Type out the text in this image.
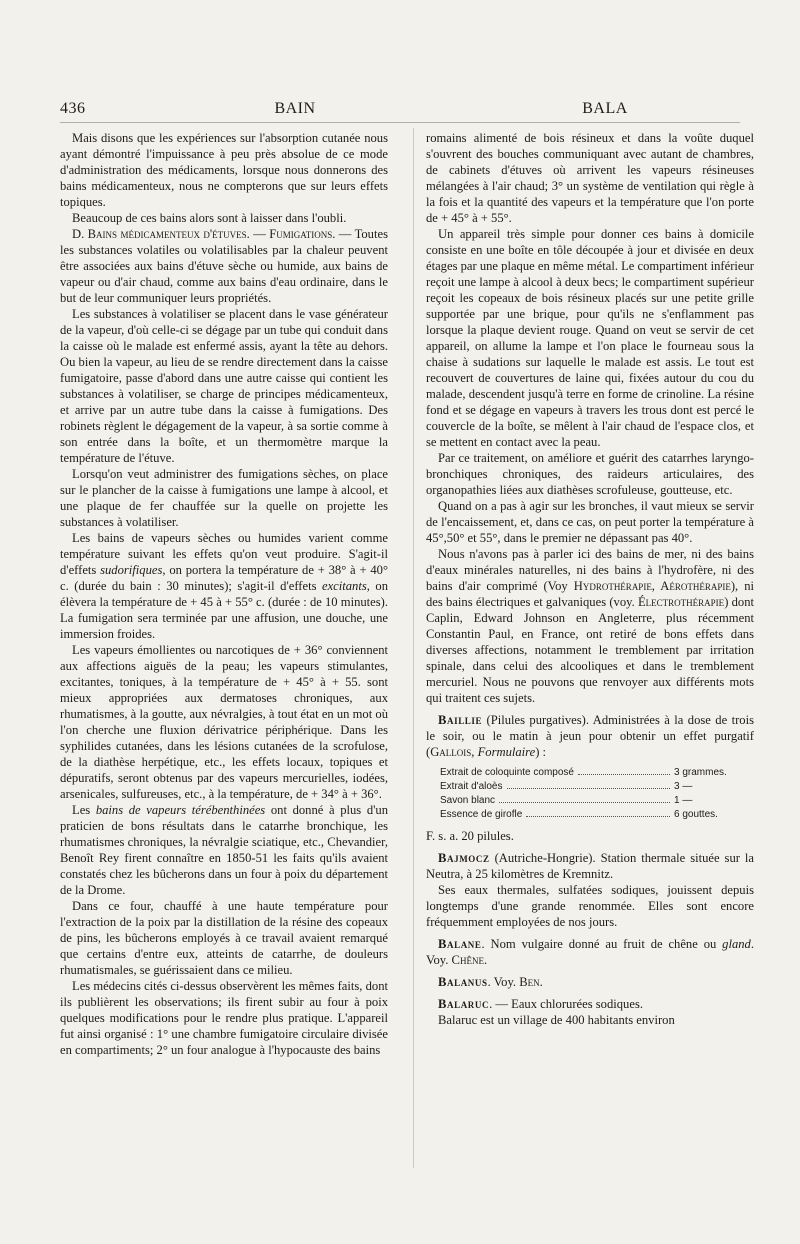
436	BAIN	BALA

Mais disons que les expériences sur l'absorption cutanée nous ayant démontré l'impuissance à peu près absolue de ce mode d'administration des médicaments, lorsque nous donnerons des bains médicamenteux, nous ne compterons que sur leurs effets topiques.

Beaucoup de ces bains alors sont à laisser dans l'oubli.

D. Bains médicamenteux d'étuves. — Fumigations. — Toutes les substances volatiles ou volatilisables par la chaleur peuvent être associées aux bains d'étuve sèche ou humide, aux bains de vapeur ou d'air chaud, comme aux bains d'eau ordinaire, dans le but de leur communiquer leurs propriétés.

Les substances à volatiliser se placent dans le vase générateur de la vapeur, d'où celle-ci se dégage par un tube qui conduit dans la caisse où le malade est enfermé assis, ayant la tête au dehors. Ou bien la vapeur, au lieu de se rendre directement dans la caisse fumigatoire, passe d'abord dans une autre caisse qui contient les substances à volatiliser, se charge de principes médicamenteux, et arrive par un autre tube dans la caisse à fumigations. Des robinets règlent le dégagement de la vapeur, à sa sortie comme à son entrée dans la boîte, et un thermomètre marque la température de l'étuve.

Lorsqu'on veut administrer des fumigations sèches, on place sur le plancher de la caisse à fumigations une lampe à alcool, et une plaque de fer chauffée sur la quelle on projette les substances à volatiliser.

Les bains de vapeurs sèches ou humides varient comme température suivant les effets qu'on veut produire. S'agit-il d'effets sudorifiques, on portera la température de + 38° à + 40° c. (durée du bain : 30 minutes); s'agit-il d'effets excitants, on élèvera la température de + 45 à + 55° c. (durée : de 10 minutes). La fumigation sera terminée par une affusion, une douche, une immersion froides.

Les vapeurs émollientes ou narcotiques de + 36° conviennent aux affections aiguës de la peau; les vapeurs stimulantes, excitantes, toniques, à la température de + 45° à + 55. sont mieux appropriées aux dermatoses chroniques, aux rhumatismes, à la goutte, aux névralgies, à tout état en un mot où l'on cherche une fluxion dérivatrice périphérique. Dans les syphilides cutanées, dans les lésions cutanées de la scrofulose, de la diathèse herpétique, etc., les effets locaux, topiques et dépuratifs, seront obtenus par des vapeurs mercurielles, iodées, arsenicales, sulfureuses, etc., à la température, de + 34° à + 36°.

Les bains de vapeurs térébenthinées ont donné à plus d'un praticien de bons résultats dans le catarrhe bronchique, les rhumatismes chroniques, la névralgie sciatique, etc., Chevandier, Benoît Rey firent connaître en 1850-51 les faits qu'ils avaient constatés chez les bûcherons dans un four à poix du département de la Drome.

Dans ce four, chauffé à une haute température pour l'extraction de la poix par la distillation de la résine des copeaux de pins, les bûcherons employés à ce travail avaient remarqué que certains d'entre eux, atteints de catarrhe, de douleurs rhumatismales, se guérissaient dans ce milieu.

Les médecins cités ci-dessus observèrent les mêmes faits, dont ils publièrent les observations; ils firent subir au four à poix quelques modifications pour le rendre plus pratique. L'appareil fut ainsi organisé : 1° une chambre fumigatoire circulaire divisée en compartiments; 2° un four analogue à l'hypocauste des bains

romains alimenté de bois résineux et dans la voûte duquel s'ouvrent des bouches communiquant avec autant de chambres, de cabinets d'étuves où arrivent les vapeurs résineuses mélangées à l'air chaud; 3° un système de ventilation qui règle à la fois et la quantité des vapeurs et la température que l'on porte de + 45° à + 55°.

Un appareil très simple pour donner ces bains à domicile consiste en une boîte en tôle découpée à jour et divisée en deux étages par une plaque en même métal. Le compartiment inférieur reçoit une lampe à alcool à deux becs; le compartiment supérieur reçoit les copeaux de bois résineux placés sur une petite grille supportée par une brique, pour qu'ils ne s'enflamment pas lorsque la plaque devient rouge. Quand on veut se servir de cet appareil, on allume la lampe et l'on place le fourneau sous la chaise à sudations sur laquelle le malade est assis. Le tout est recouvert de couvertures de laine qui, fixées autour du cou du malade, descendent jusqu'à terre en forme de crinoline. La résine fond et se dégage en vapeurs à travers les trous dont est percé le couvercle de la boîte, se mêlent à l'air chaud de l'espace clos, et se mettent en contact avec la peau.

Par ce traitement, on améliore et guérit des catarrhes laryngo-bronchiques chroniques, des raideurs articulaires, des organopathies liées aux diathèses scrofuleuse, goutteuse, etc.

Quand on a pas à agir sur les bronches, il vaut mieux se servir de l'encaissement, et, dans ce cas, on peut porter la température à 45°,50° et 55°, dans le premier ne dépassant pas 40°.

Nous n'avons pas à parler ici des bains de mer, ni des bains d'eaux minérales naturelles, ni des bains à l'hydrofère, ni des bains d'air comprimé (Voy Hydrothérapie, Aérothérapie), ni des bains électriques et galvaniques (voy. Électrothérapie) dont Caplin, Edward Johnson en Angleterre, plus récemment Constantin Paul, en France, ont retiré de bons effets dans diverses affections, notamment le tremblement par irritation spinale, dans celui des alcooliques et dans le tremblement mercuriel. Nous ne pouvons que renvoyer aux différents mots qui traitent ces sujets.

Baillie (Pilules purgatives). Administrées à la dose de trois le soir, ou le matin à jeun pour obtenir un effet purgatif (Gallois, Formulaire) :

Extrait de coloquinte composé	3 grammes.
Extrait d'aloès	3 —
Savon blanc	1 —
Essence de girofle	6 gouttes.

F. s. a. 20 pilules.

Bajmocz (Autriche-Hongrie). Station thermale située sur la Neutra, à 25 kilomètres de Kremnitz.

Ses eaux thermales, sulfatées sodiques, jouissent depuis longtemps d'une grande renommée. Elles sont encore fréquemment employées de nos jours.

Balane. Nom vulgaire donné au fruit de chêne ou gland. Voy. Chêne.

Balanus. Voy. Ben.

Balaruc. — Eaux chlorurées sodiques.

Balaruc est un village de 400 habitants environ
